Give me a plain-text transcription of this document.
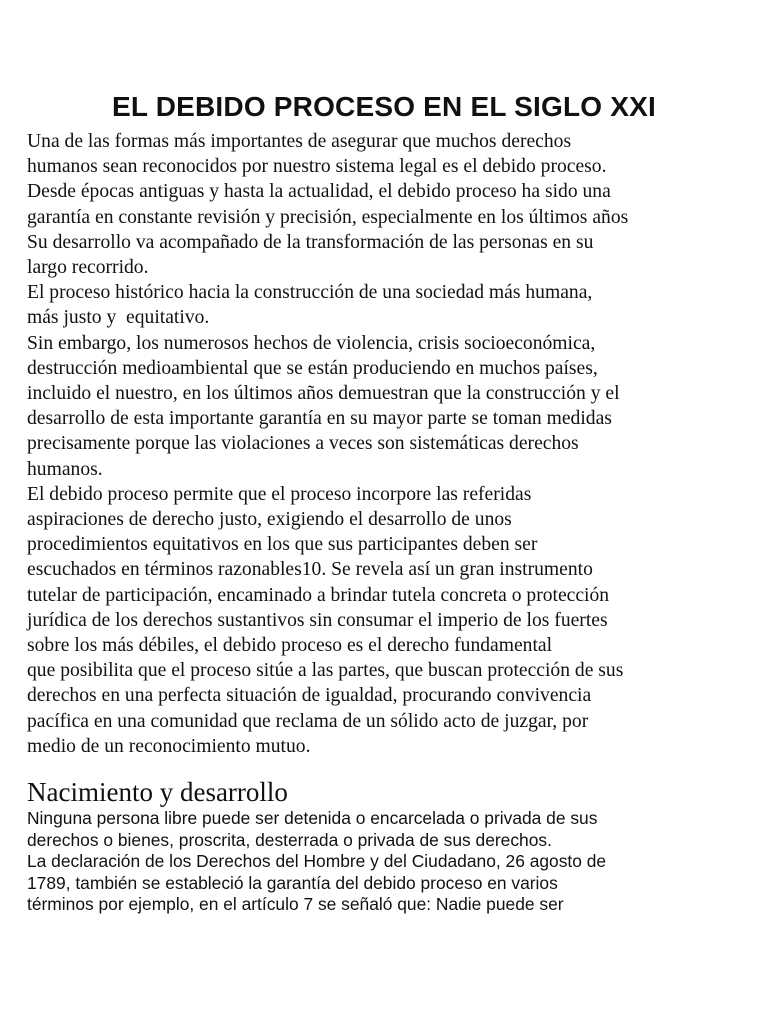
EL DEBIDO PROCESO EN EL SIGLO XXI
Una de las formas más importantes de asegurar que muchos derechos
humanos sean reconocidos por nuestro sistema legal es el debido proceso.
Desde épocas antiguas y hasta la actualidad, el debido proceso ha sido una
garantía en constante revisión y precisión, especialmente en los últimos años
Su desarrollo va acompañado de la transformación de las personas en su
largo recorrido.
El proceso histórico hacia la construcción de una sociedad más humana,
más justo y  equitativo.
Sin embargo, los numerosos hechos de violencia, crisis socioeconómica,
destrucción medioambiental que se están produciendo en muchos países,
incluido el nuestro, en los últimos años demuestran que la construcción y el
desarrollo de esta importante garantía en su mayor parte se toman medidas
precisamente porque las violaciones a veces son sistemáticas derechos
humanos.
El debido proceso permite que el proceso incorpore las referidas
aspiraciones de derecho justo, exigiendo el desarrollo de unos
procedimientos equitativos en los que sus participantes deben ser
escuchados en términos razonables10. Se revela así un gran instrumento
tutelar de participación, encaminado a brindar tutela concreta o protección
jurídica de los derechos sustantivos sin consumar el imperio de los fuertes
sobre los más débiles, el debido proceso es el derecho fundamental
que posibilita que el proceso sitúe a las partes, que buscan protección de sus
derechos en una perfecta situación de igualdad, procurando convivencia
pacífica en una comunidad que reclama de un sólido acto de juzgar, por
medio de un reconocimiento mutuo.
Nacimiento y desarrollo
Ninguna persona libre puede ser detenida o encarcelada o privada de sus
derechos o bienes, proscrita, desterrada o privada de sus derechos.
La declaración de los Derechos del Hombre y del Ciudadano, 26 agosto de
1789, también se estableció la garantía del debido proceso en varios
términos por ejemplo, en el artículo 7 se señaló que: Nadie puede ser
